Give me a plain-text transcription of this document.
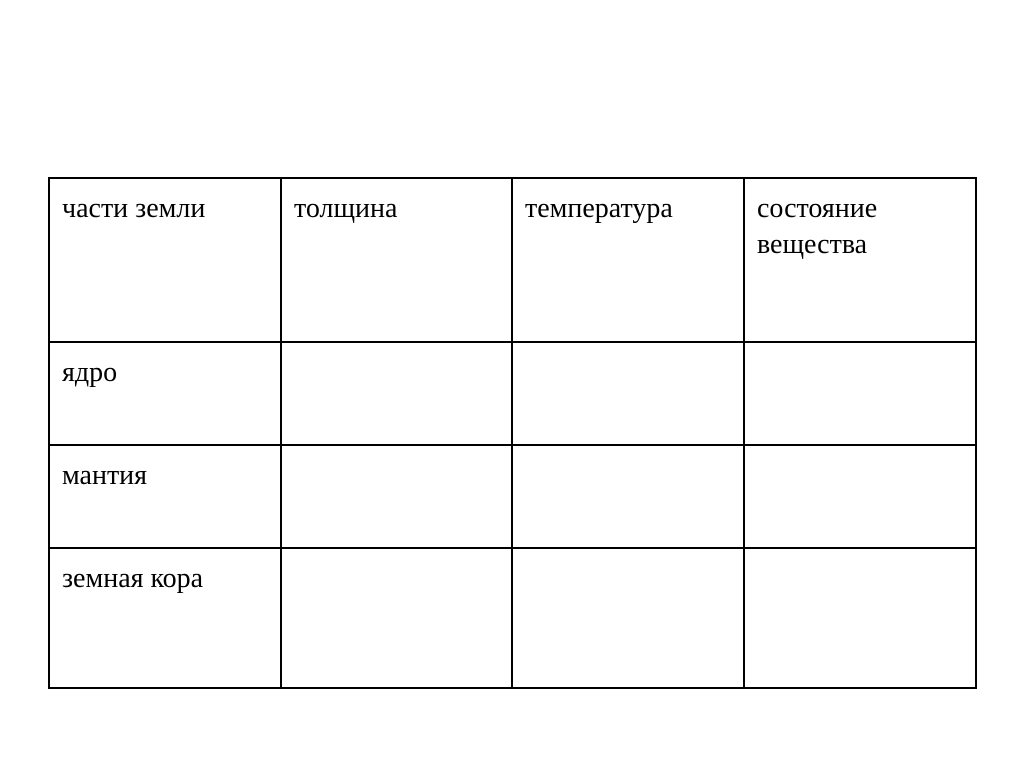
части земли	толщина	температура	состояние вещества
ядро			
мантия			
земная кора			
